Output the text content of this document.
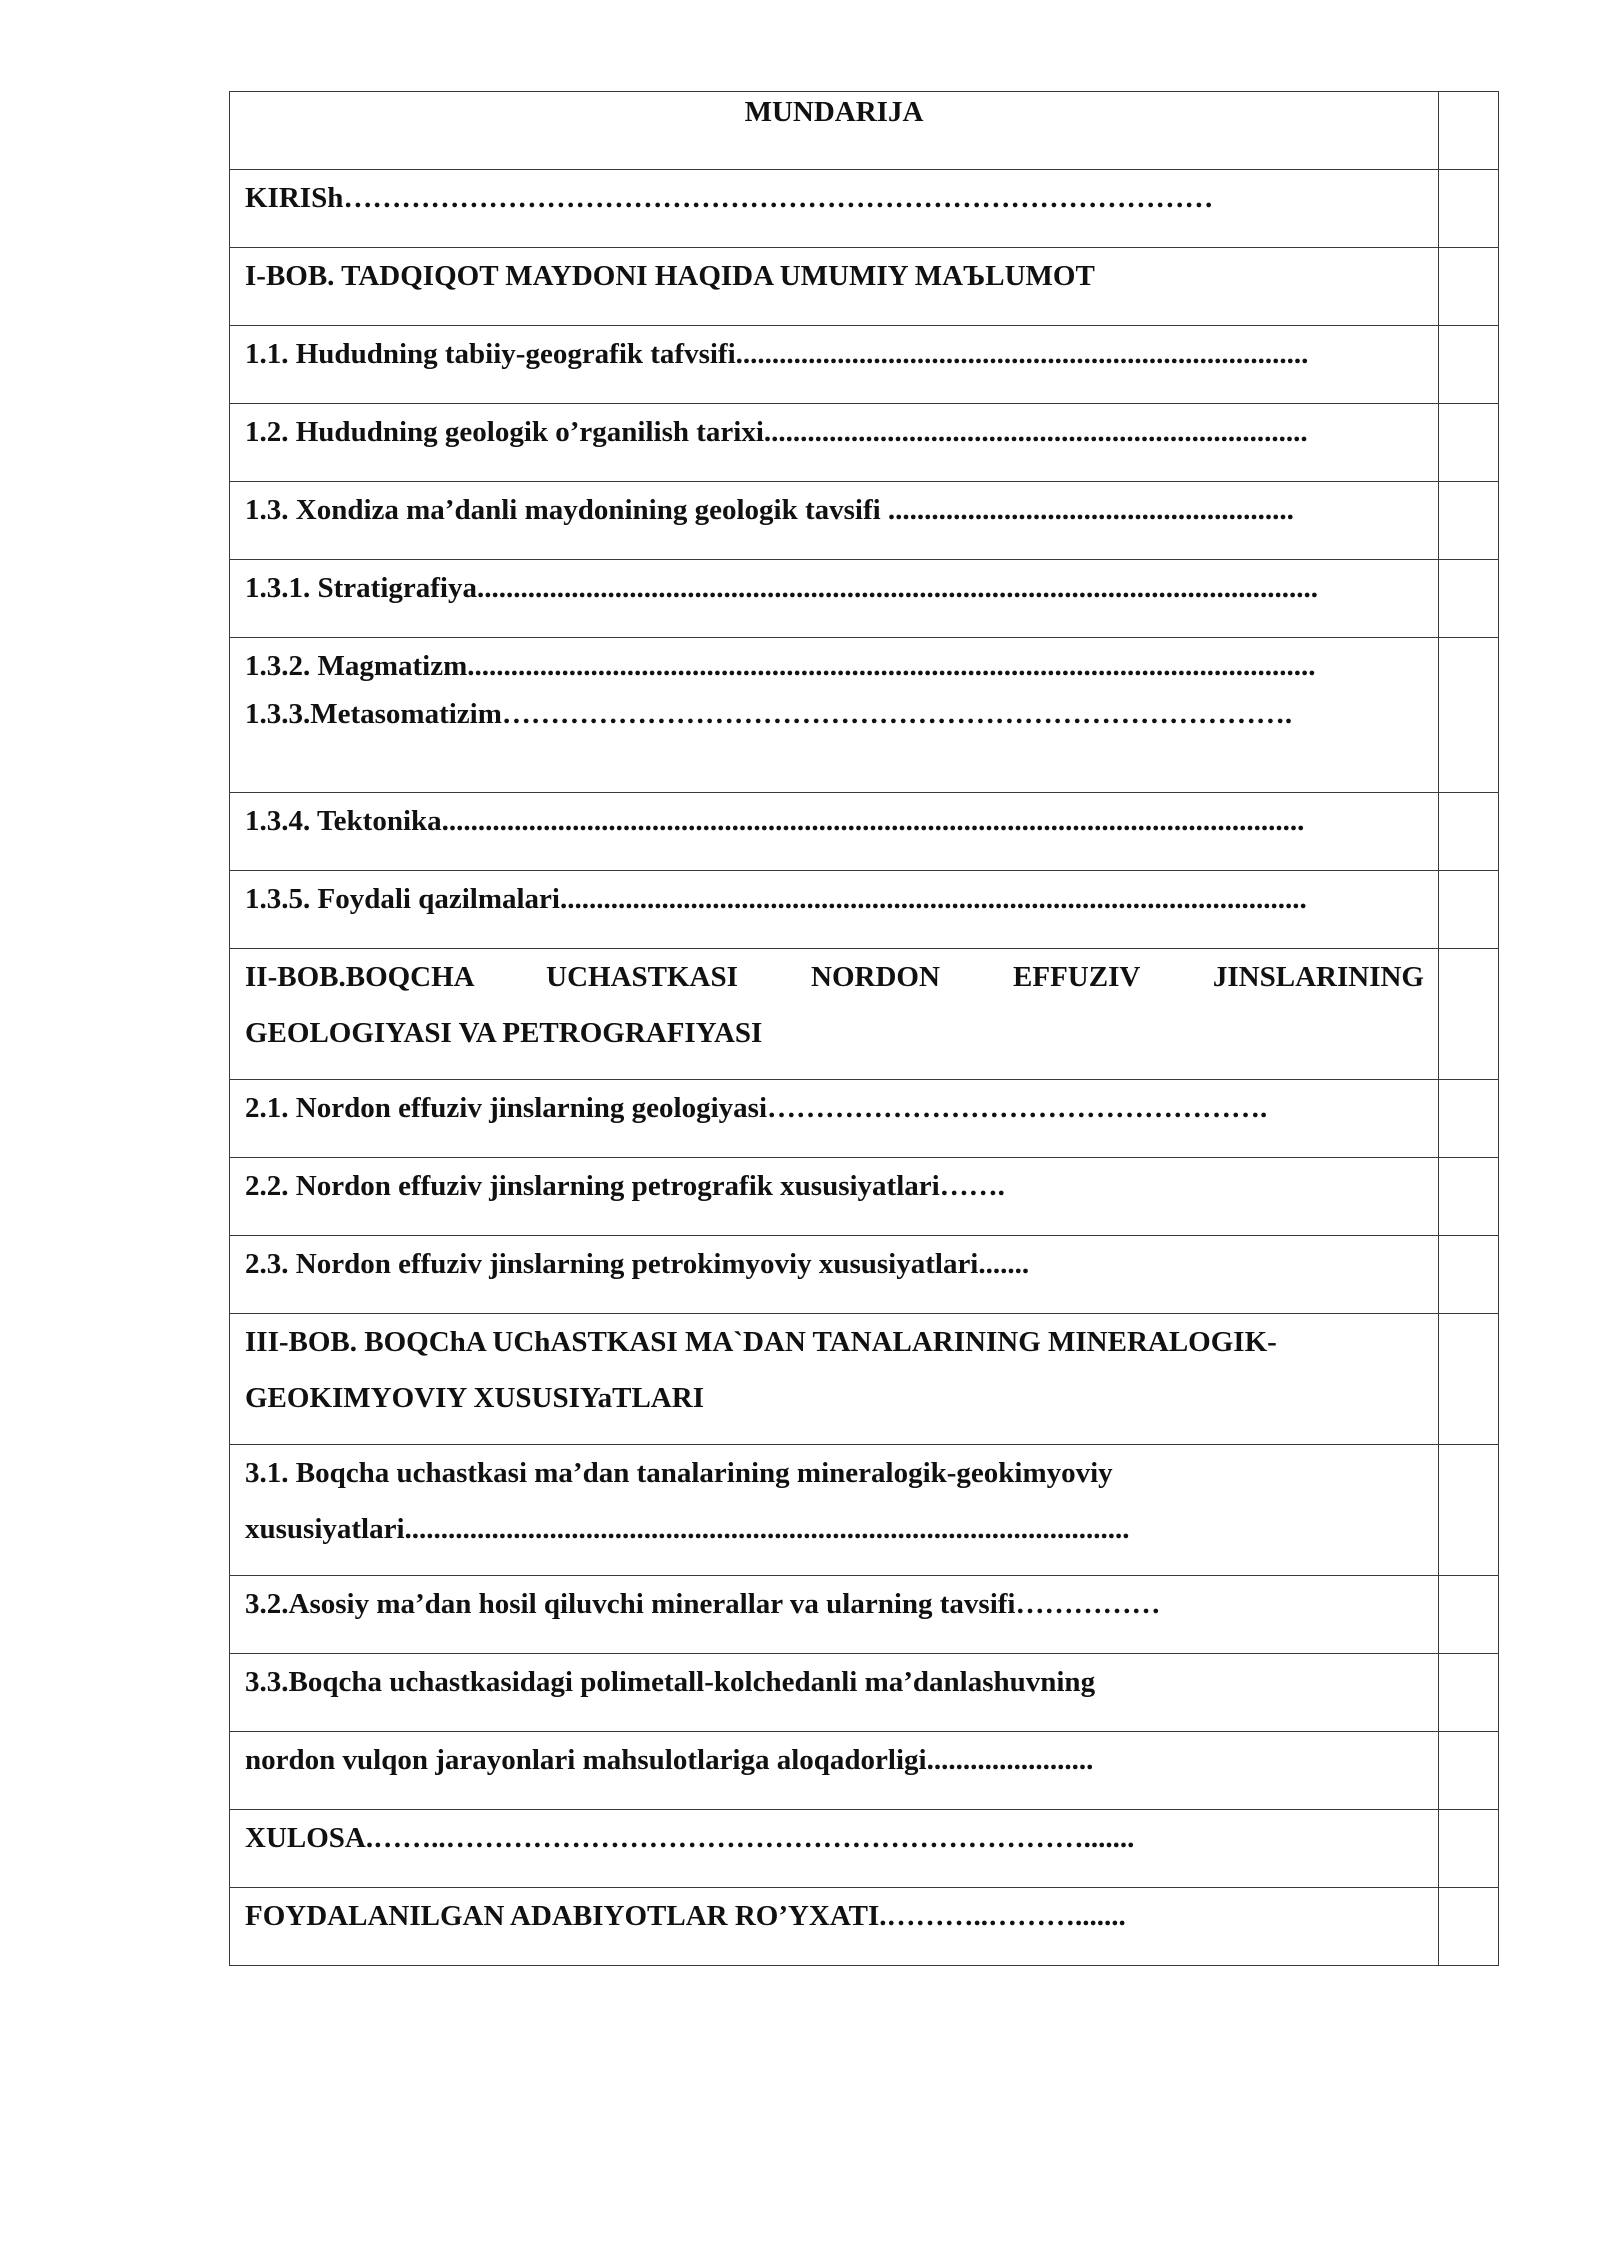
MUNDARIJA	

KIRISh………………………………………………………………………………	

I-BOB. TADQIQOT MAYDONI HAQIDA UMUMIY MAЪLUMOT	

1.1. Hududning tabiiy-geografik tafvsifi...............................................................................	

1.2. Hududning geologik o’rganilish tarixi...........................................................................	

1.3. Xondiza ma’danli maydonining geologik tavsifi ........................................................	

1.3.1. Stratigrafiya....................................................................................................................	

1.3.2. Magmatizm.....................................................................................................................
1.3.3.Metasomatizim……………………………………………………………………….	

1.3.4. Tektonika.......................................................................................................................	

1.3.5. Foydali qazilmalari.......................................................................................................	

II-BOB.BOQCHA UCHASTKASI NORDON EFFUZIV JINSLARINING
GEOLOGIYASI VA PETROGRAFIYASI	

2.1. Nordon effuziv jinslarning geologiyasi…………………………………………….	

2.2. Nordon effuziv jinslarning petrografik xususiyatlari…….	

2.3. Nordon effuziv jinslarning petrokimyoviy xususiyatlari.......	

III-BOB. BOQChA UChASTKASI MA`DAN TANALARINING MINERALOGIK-
GEOKIMYOVIY XUSUSIYaTLARI	

3.1. Boqcha uchastkasi ma’dan tanalarining mineralogik-geokimyoviy
xususiyatlari....................................................................................................	

3.2.Asosiy ma’dan hosil qiluvchi minerallar va ularning tavsifi……………	

3.3.Boqcha uchastkasidagi polimetall-kolchedanli ma’danlashuvning	

nordon vulqon jarayonlari mahsulotlariga aloqadorligi.......................	

XULOSA.……..………………………………………………………….......	

FOYDALANILGAN ADABIYOTLAR RO’YXATI.………..……….......	
